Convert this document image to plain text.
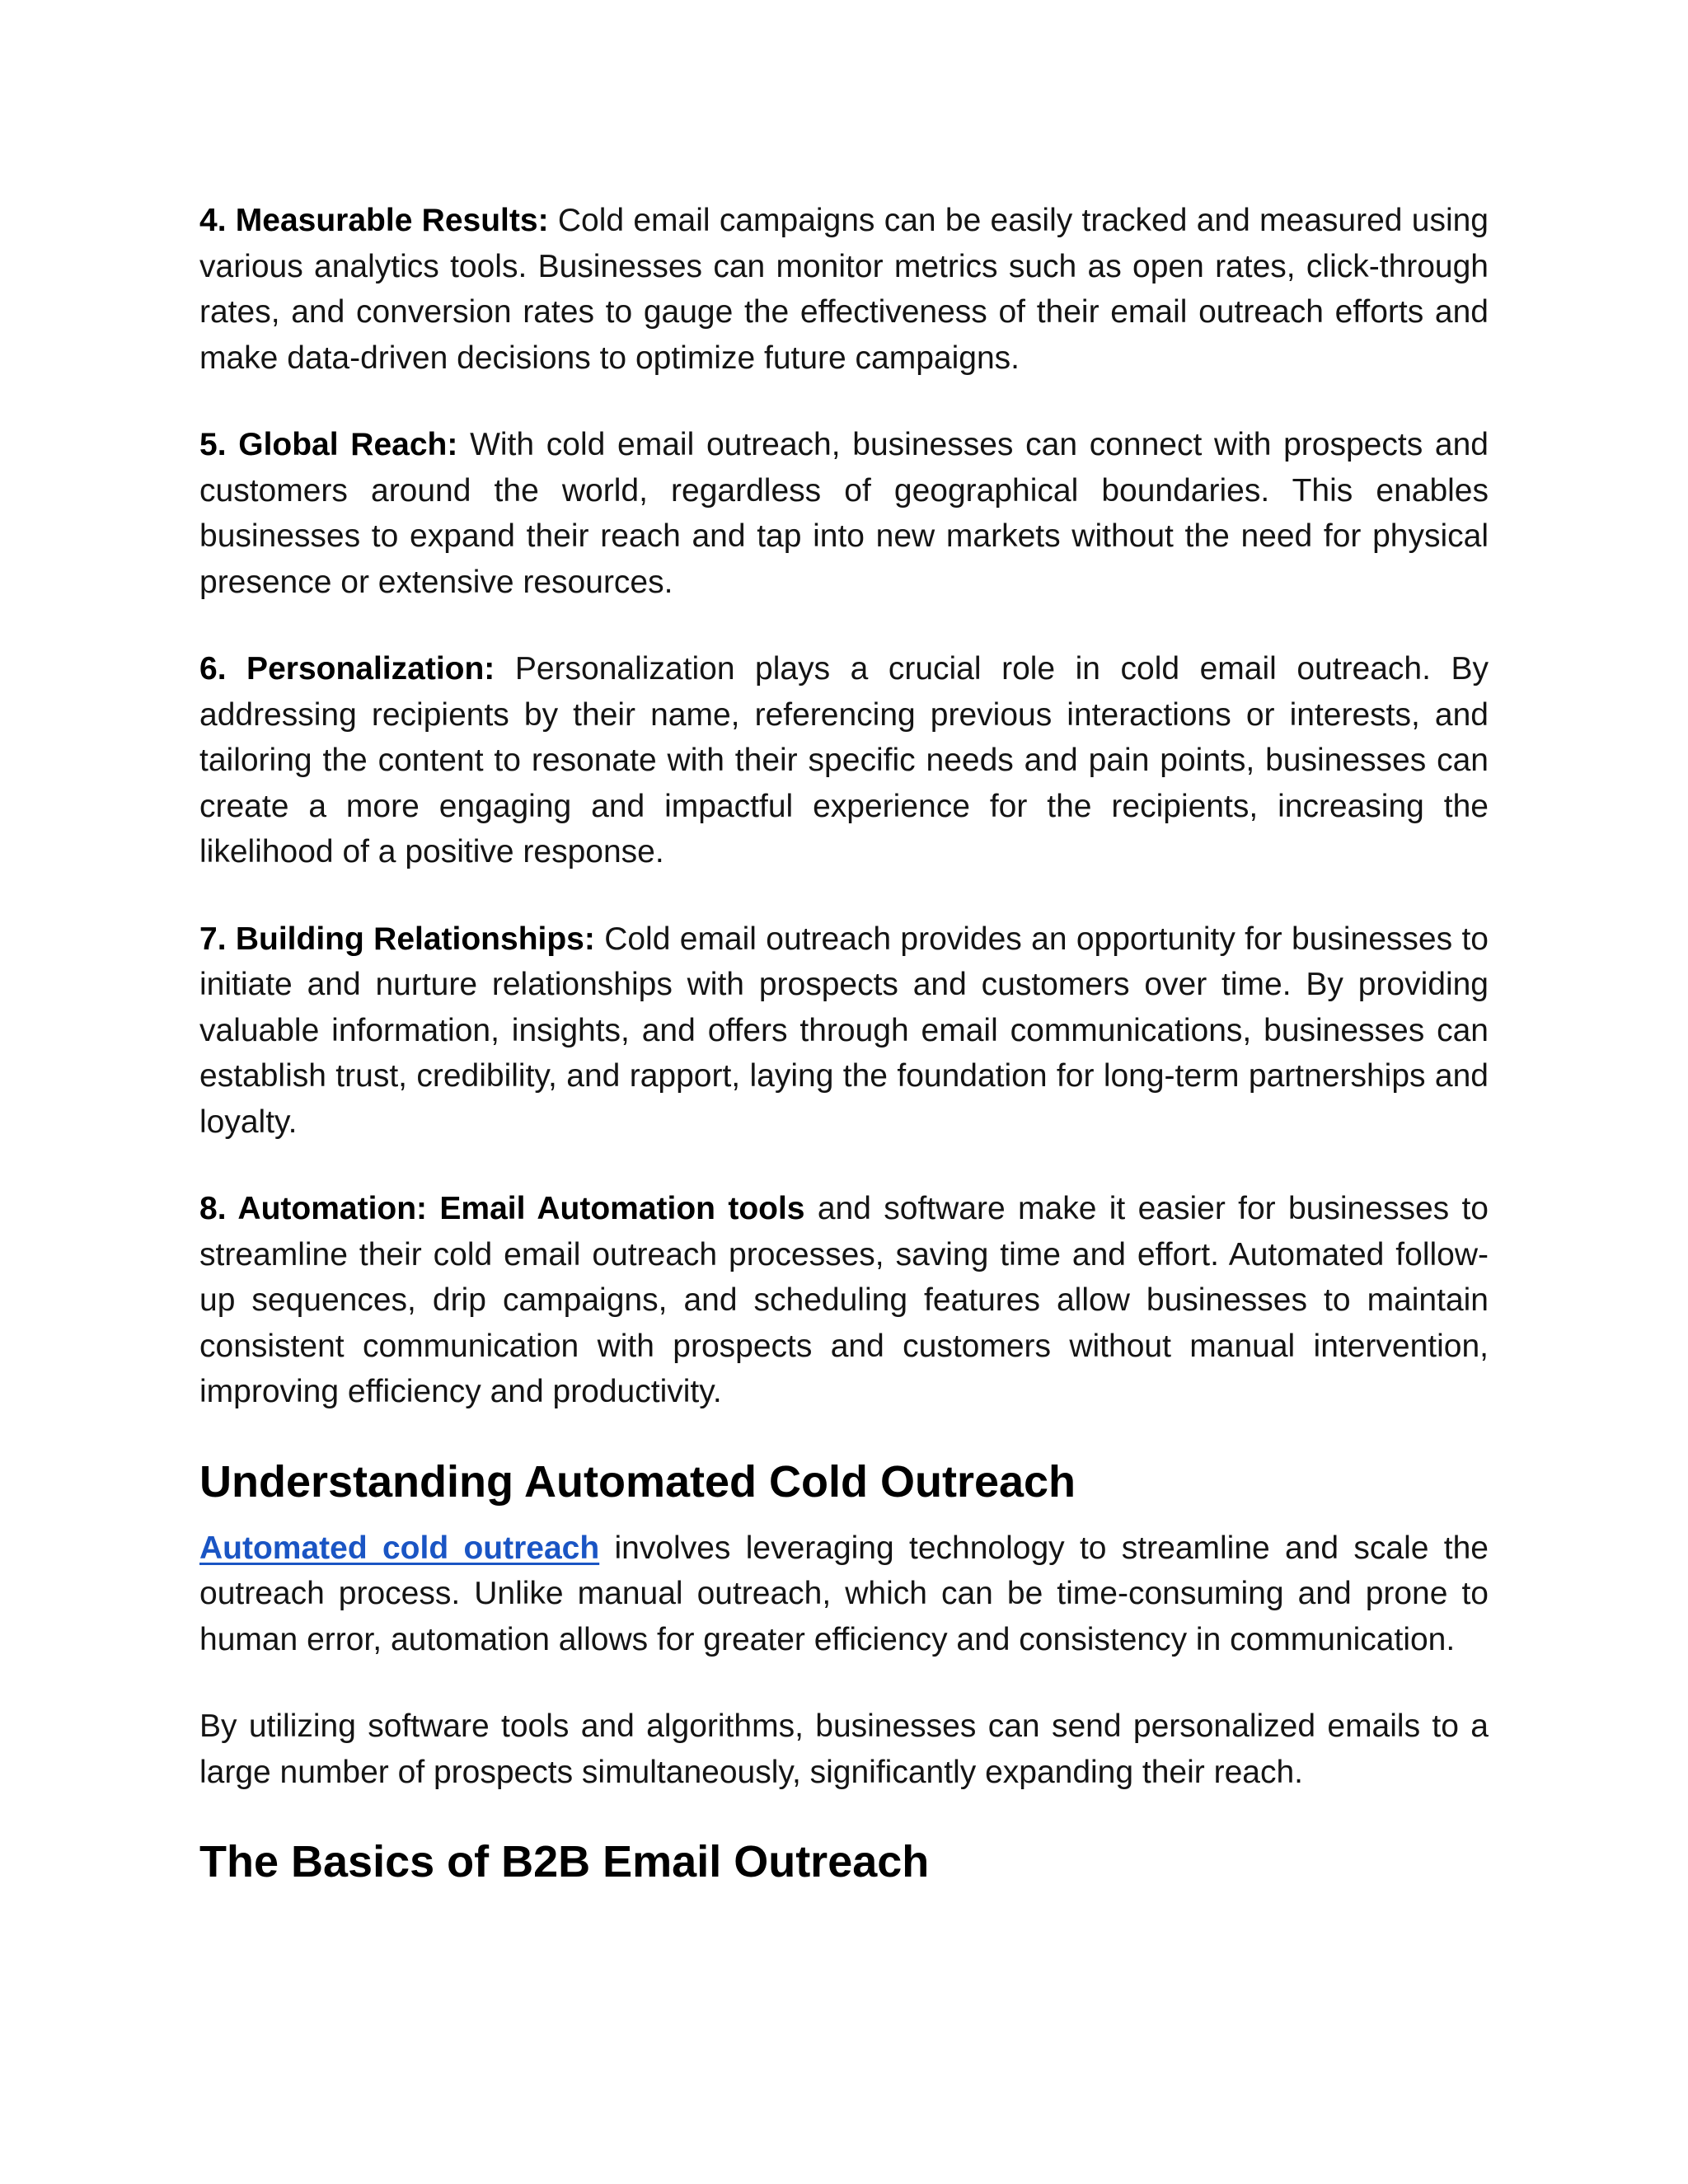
4. Measurable Results: Cold email campaigns can be easily tracked and measured using various analytics tools. Businesses can monitor metrics such as open rates, click-through rates, and conversion rates to gauge the effectiveness of their email outreach efforts and make data-driven decisions to optimize future campaigns.

5. Global Reach: With cold email outreach, businesses can connect with prospects and customers around the world, regardless of geographical boundaries. This enables businesses to expand their reach and tap into new markets without the need for physical presence or extensive resources.

6. Personalization: Personalization plays a crucial role in cold email outreach. By addressing recipients by their name, referencing previous interactions or interests, and tailoring the content to resonate with their specific needs and pain points, businesses can create a more engaging and impactful experience for the recipients, increasing the likelihood of a positive response.

7. Building Relationships: Cold email outreach provides an opportunity for businesses to initiate and nurture relationships with prospects and customers over time. By providing valuable information, insights, and offers through email communications, businesses can establish trust, credibility, and rapport, laying the foundation for long-term partnerships and loyalty.

8. Automation: Email Automation tools and software make it easier for businesses to streamline their cold email outreach processes, saving time and effort. Automated follow-up sequences, drip campaigns, and scheduling features allow businesses to maintain consistent communication with prospects and customers without manual intervention, improving efficiency and productivity.

Understanding Automated Cold Outreach

Automated cold outreach involves leveraging technology to streamline and scale the outreach process. Unlike manual outreach, which can be time-consuming and prone to human error, automation allows for greater efficiency and consistency in communication.

By utilizing software tools and algorithms, businesses can send personalized emails to a large number of prospects simultaneously, significantly expanding their reach.

The Basics of B2B Email Outreach
